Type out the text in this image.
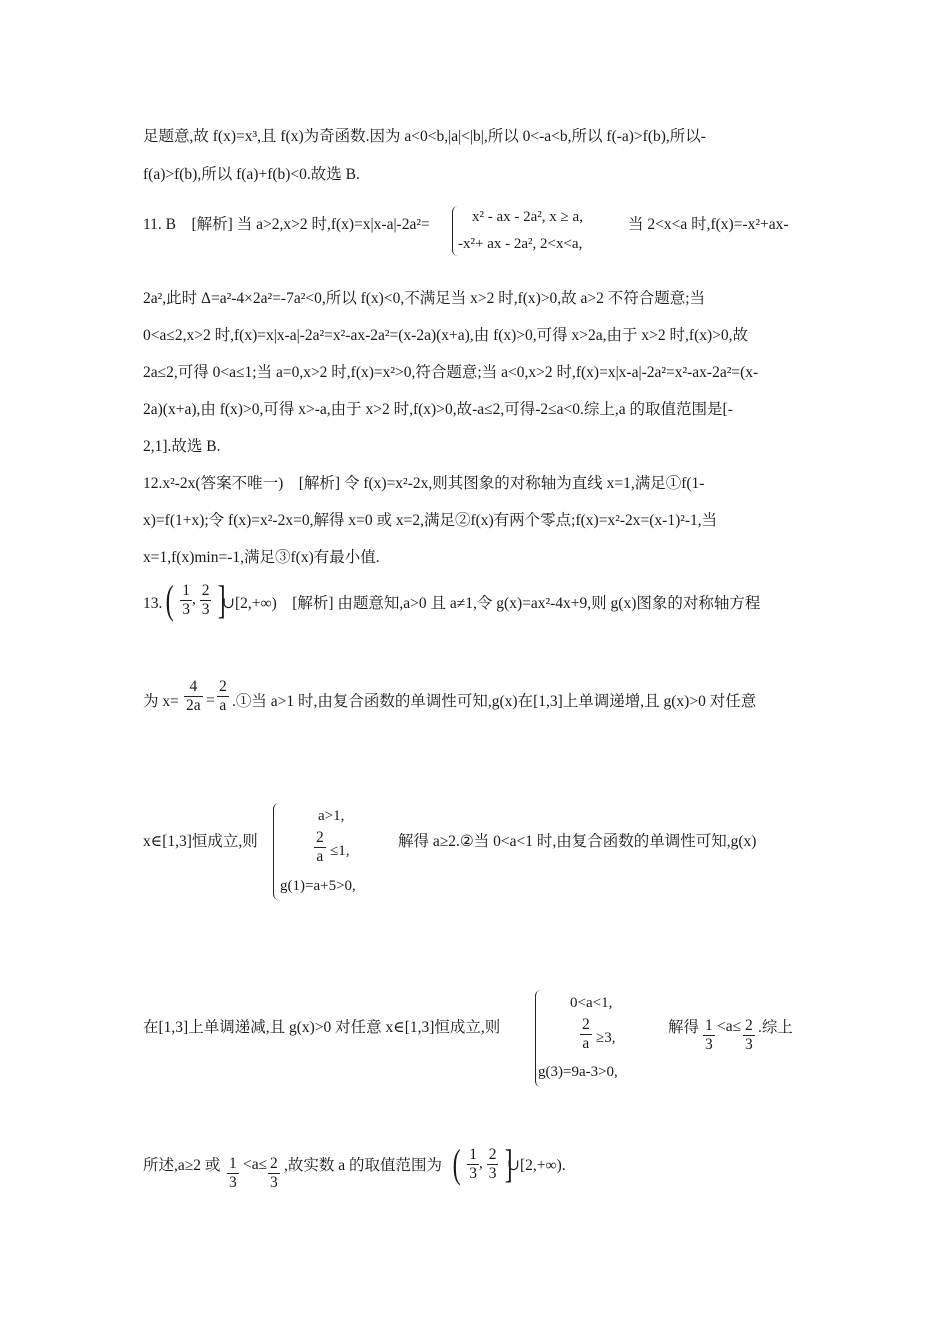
足题意,故 f(x)=x³,且 f(x)为奇函数.因为 a<0<b,|a|<|b|,所以 0<-a<b,所以 f(-a)>f(b),所以-
f(a)>f(b),所以 f(a)+f(b)<0.故选 B.
11. B　[解析] 当 a>2,x>2 时,f(x)=x|x-a|-2a²=	x² - ax - 2a², x ≥ a,
-x²+ ax - 2a², 2<x<a,
当 2<x<a 时,f(x)=-x²+ax-
2a²,此时 Δ=a²-4×2a²=-7a²<0,所以 f(x)<0,不满足当 x>2 时,f(x)>0,故 a>2 不符合题意;当
0<a≤2,x>2 时,f(x)=x|x-a|-2a²=x²-ax-2a²=(x-2a)(x+a),由 f(x)>0,可得 x>2a,由于 x>2 时,f(x)>0,故
2a≤2,可得 0<a≤1;当 a=0,x>2 时,f(x)=x²>0,符合题意;当 a<0,x>2 时,f(x)=x|x-a|-2a²=x²-ax-2a²=(x-
2a)(x+a),由 f(x)>0,可得 x>-a,由于 x>2 时,f(x)>0,故-a≤2,可得-2≤a<0.综上,a 的取值范围是[-
2,1].故选 B.
12.x²-2x(答案不唯一)　[解析] 令 f(x)=x²-2x,则其图象的对称轴为直线 x=1,满足①f(1-
x)=f(1+x);令 f(x)=x²-2x=0,解得 x=0 或 x=2,满足②f(x)有两个零点;f(x)=x²-2x=(x-1)²-1,当
x=1,f(x)min=-1,满足③f(x)有最小值.
13. ( $\frac{1}{3}$ , $\frac{2}{3}$ ]
∪[2,+∞)　[解析] 由题意知,a>0 且 a≠1,令 g(x)=ax²-4x+9,则 g(x)图象的对称轴方程
为 $x= \frac{4}{2a} = \frac{2}{a}$ .①当 a>1 时,由复合函数的单调性可知,g(x)在[1,3]上单调递增,且 g(x)>0 对任意
x∈[1,3]恒成立,则
a>1,
$\frac{2}{a} \le 1$,
g(1)=a+5>0,
解得 a≥2.②当 0<a<1 时,由复合函数的单调性可知,g(x)
在[1,3]上单调递减,且 g(x)>0 对任意 x∈[1,3]恒成立,则
0<a<1,
$\frac{2}{a} \ge 3$,
g(3)=9a-3>0,
解得 $\frac{1}{3} <a\le \frac{2}{3}$ .综上
所述,a≥2 或 $\frac{1}{3} <a\le \frac{2}{3}$ ,故实数 a 的取值范围为 ( $\frac{1}{3}$ , $\frac{2}{3}$ ]
∪[2,+∞).
